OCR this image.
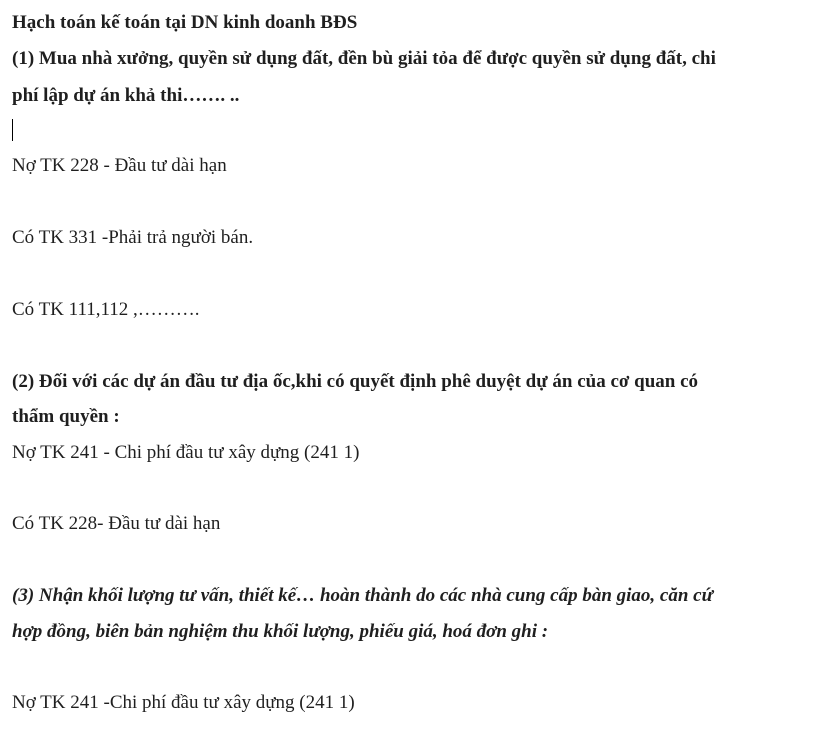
Hạch toán kế toán tại DN kinh doanh BĐS
(1) Mua nhà xưởng, quyền sử dụng đất, đền bù giải tỏa để được quyền sử dụng đất, chi
phí lập dự án khả thi……. ..
Nợ TK 228 - Đầu tư dài hạn
Có TK 331 -Phải trả người bán.
Có TK 111,112 ,……….
(2) Đối với các dự án đầu tư địa ốc,khi có quyết định phê duyệt dự án của cơ quan có
thẩm quyền :
Nợ TK 241 - Chi phí đầu tư xây dựng (241 1)
Có TK 228- Đầu tư dài hạn
(3) Nhận khối lượng tư vấn, thiết kế… hoàn thành do các nhà cung cấp bàn giao, căn cứ
hợp đồng, biên bản nghiệm thu khối lượng, phiếu giá, hoá đơn ghi :
Nợ TK 241 -Chi phí đầu tư xây dựng (241 1)
